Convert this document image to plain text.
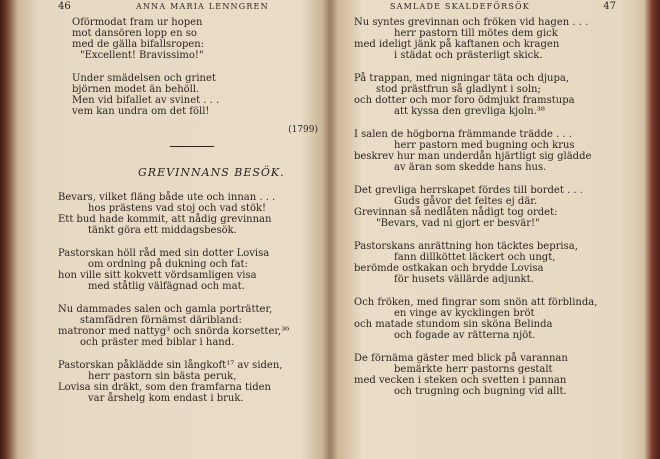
46	ANNA MARIA LENNGREN
Oförmodat fram ur hopen
mot dansören lopp en so
med de gälla bifallsropen:
"Excellent! Bravissimo!"
Under smädelsen och grinet
björnen modet än behöll.
Men vid bifallet av svinet . . .
vem kan undra om det föll!
(1799)
GREVINNANS BESÖK.
Bevars, vilket fläng både ute och innan . . .
hos prästens vad stoj och vad stök!
Ett bud hade kommit, att nådig grevinnan
tänkt göra ett middagsbesök.
Pastorskan höll råd med sin dotter Lovisa
om ordning på dukning och fat:
hon ville sitt kokvett vördsamligen visa
med ståtlig välfägnad och mat.
Nu dammades salen och gamla porträtter,
stamfädren förnämst däribland:
matronor med nattyg³ och snörda korsetter,³⁶
och präster med biblar i hand.
Pastorskan påklädde sin långkoft¹⁷ av siden,
herr pastorn sin bästa peruk,
Lovisa sin dräkt, som den framfarna tiden
var årshelg kom endast i bruk.
SAMLADE SKALDEFÖRSÖK	47
Nu syntes grevinnan och fröken vid hagen . . .
herr pastorn till mötes dem gick
med ideligt jänk på kaftanen och kragen
i städat och prästerligt skick.
På trappan, med nigningar täta och djupa,
stod prästfrun så gladlynt i soln;
och dotter och mor foro ödmjukt framstupa
att kyssa den grevliga kjoln.³⁸
I salen de högborna främmande trädde . . .
herr pastorn med bugning och krus
beskrev hur man underdån hjärtligt sig glädde
av äran som skedde hans hus.
Det grevliga herrskapet fördes till bordet . . .
Guds gåvor det feltes ej där.
Grevinnan så nedlåten nådigt tog ordet:
"Bevars, vad ni gjort er besvär!"
Pastorskans anrättning hon täcktes beprisa,
fann dillköttet läckert och ungt,
berömde ostkakan och brydde Lovisa
för husets vällärde adjunkt.
Och fröken, med fingrar som snön att förblinda,
en vinge av kycklingen bröt
och matade stundom sin sköna Belinda
och fogade av rätterna njöt.
De förnäma gäster med blick på varannan
bemärkte herr pastorns gestalt
med vecken i steken och svetten i pannan
och trugning och bugning vid allt.
